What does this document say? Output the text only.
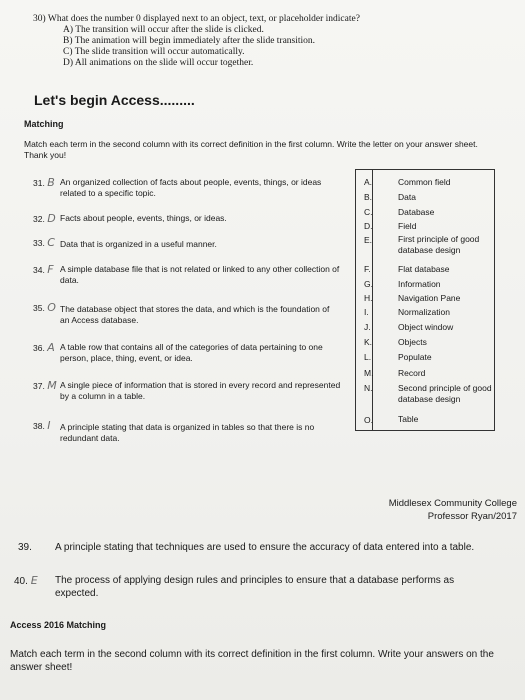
30) What does the number 0 displayed next to an object, text, or placeholder indicate?
A) The transition will occur after the slide is clicked.
B) The animation will begin immediately after the slide transition.
C) The slide transition will occur automatically.
D) All animations on the slide will occur together.
Let's begin Access.........
Matching
Match each term in the second column with its correct definition in the first column. Write the letter on your answer sheet. Thank you!
31. B An organized collection of facts about people, events, things, or ideas related to a specific topic.
32. D Facts about people, events, things, or ideas.
33. C Data that is organized in a useful manner.
34. F A simple database file that is not related or linked to any other collection of data.
35. O The database object that stores the data, and which is the foundation of an Access database.
36. A A table row that contains all of the categories of data pertaining to one person, place, thing, event, or idea.
37. M A single piece of information that is stored in every record and represented by a column in a table.
38. I A principle stating that data is organized in tables so that there is no redundant data.
A.	Common field
B.	Data
C.	Database
D.	Field
E.	First principle of good database design
F.	Flat database
G.	Information
H.	Navigation Pane
I.	Normalization
J.	Object window
K.	Objects
L.	Populate
M.	Record
N.	Second principle of good database design
O.	Table
Middlesex Community College
Professor Ryan/2017
39. A principle stating that techniques are used to ensure the accuracy of data entered into a table.
40. E The process of applying design rules and principles to ensure that a database performs as expected.
Access 2016 Matching
Match each term in the second column with its correct definition in the first column. Write your answers on the answer sheet!
